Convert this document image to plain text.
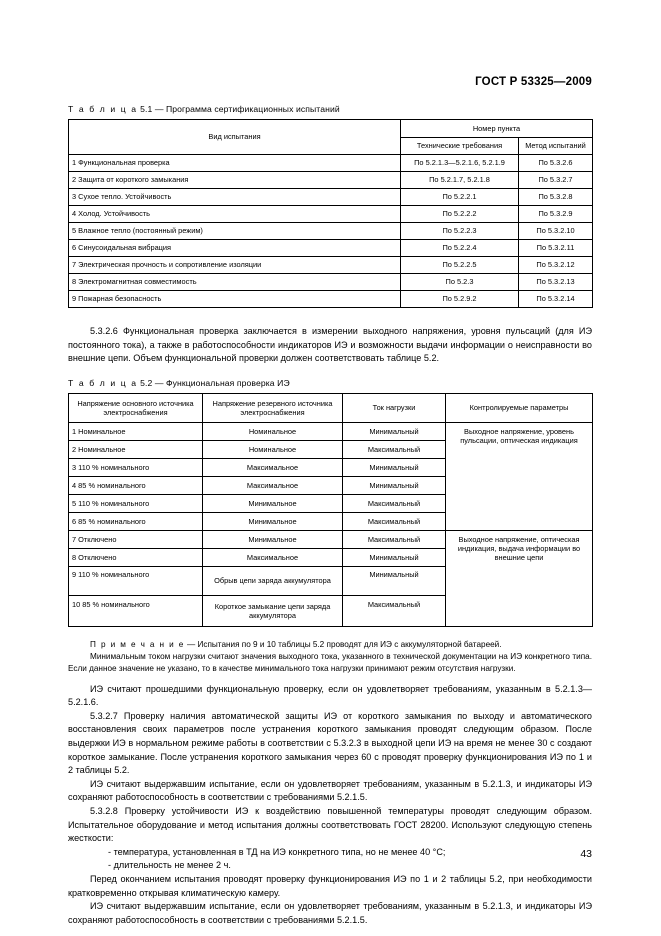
ГОСТ Р 53325—2009

Т а б л и ц а 5.1 — Программа сертификационных испытаний

Вид испытания	Номер пункта	
	Технические требования	Метод испытаний
1 Функциональная проверка	По 5.2.1.3—5.2.1.6, 5.2.1.9	По 5.3.2.6
2 Защита от короткого замыкания	По 5.2.1.7, 5.2.1.8	По 5.3.2.7
3 Сухое тепло. Устойчивость	По 5.2.2.1	По 5.3.2.8
4 Холод. Устойчивость	По 5.2.2.2	По 5.3.2.9
5 Влажное тепло (постоянный режим)	По 5.2.2.3	По 5.3.2.10
6 Синусоидальная вибрация	По 5.2.2.4	По 5.3.2.11
7 Электрическая прочность и сопротивление изоляции	По 5.2.2.5	По 5.3.2.12
8 Электромагнитная совместимость	По 5.2.3	По 5.3.2.13
9 Пожарная безопасность	По 5.2.9.2	По 5.3.2.14

5.3.2.6 Функциональная проверка заключается в измерении выходного напряжения, уровня пульсаций (для ИЭ постоянного тока), а также в работоспособности индикаторов ИЭ и возможности выдачи информации о неисправности во внешние цепи. Объем функциональной проверки должен соответствовать таблице 5.2.

Т а б л и ц а 5.2 — Функциональная проверка ИЭ

Напряжение основного источника электроснабжения	Напряжение резервного источника электроснабжения	Ток нагрузки	Контролируемые параметры
1 Номинальное	Номинальное	Минимальный	Выходное напряжение, уровень пульсации, оптическая индикация
2 Номинальное	Номинальное	Максимальный	
3 110 % номинального	Максимальное	Минимальный	
4 85 % номинального	Максимальное	Минимальный	
5 110 % номинального	Минимальное	Максимальный	
6 85 % номинального	Минимальное	Максимальный	
7 Отключено	Минимальное	Максимальный	Выходное напряжение, оптическая индикация, выдача информации во внешние цепи
8 Отключено	Максимальное	Минимальный	
9 110 % номинального	Обрыв цепи заряда аккумулятора	Минимальный	
10 85 % номинального	Короткое замыкание цепи заряда аккумулятора	Максимальный	

П р и м е ч а н и е — Испытания по 9 и 10 таблицы 5.2 проводят для ИЭ с аккумуляторной батареей.

Минимальным током нагрузки считают значения выходного тока, указанного в технической документации на ИЭ конкретного типа. Если данное значение не указано, то в качестве минимального тока нагрузки принимают режим отсутствия нагрузки.

ИЭ считают прошедшими функциональную проверку, если он удовлетворяет требованиям, указанным в 5.2.1.3—5.2.1.6.

5.3.2.7 Проверку наличия автоматической защиты ИЭ от короткого замыкания по выходу и автоматического восстановления своих параметров после устранения короткого замыкания проводят следующим образом. После выдержки ИЭ в нормальном режиме работы в соответствии с 5.3.2.3 в выходной цепи ИЭ на время не менее 30 с создают короткое замыкание. После устранения короткого замыкания через 60 с проводят проверку функционирования ИЭ по 1 и 2 таблицы 5.2.

ИЭ считают выдержавшим испытание, если он удовлетворяет требованиям, указанным в 5.2.1.3, и индикаторы ИЭ сохраняют работоспособность в соответствии с требованиями 5.2.1.5.

5.3.2.8 Проверку устойчивости ИЭ к воздействию повышенной температуры проводят следующим образом. Испытательное оборудование и метод испытания должны соответствовать ГОСТ 28200. Используют следующую степень жесткости:

- температура, установленная в ТД на ИЭ конкретного типа, но не менее 40 °С;

- длительность не менее 2 ч.

Перед окончанием испытания проводят проверку функционирования ИЭ по 1 и 2 таблицы 5.2, при необходимости кратковременно открывая климатическую камеру.

ИЭ считают выдержавшим испытание, если он удовлетворяет требованиям, указанным в 5.2.1.3, и индикаторы ИЭ сохраняют работоспособность в соответствии с требованиями 5.2.1.5.

43
